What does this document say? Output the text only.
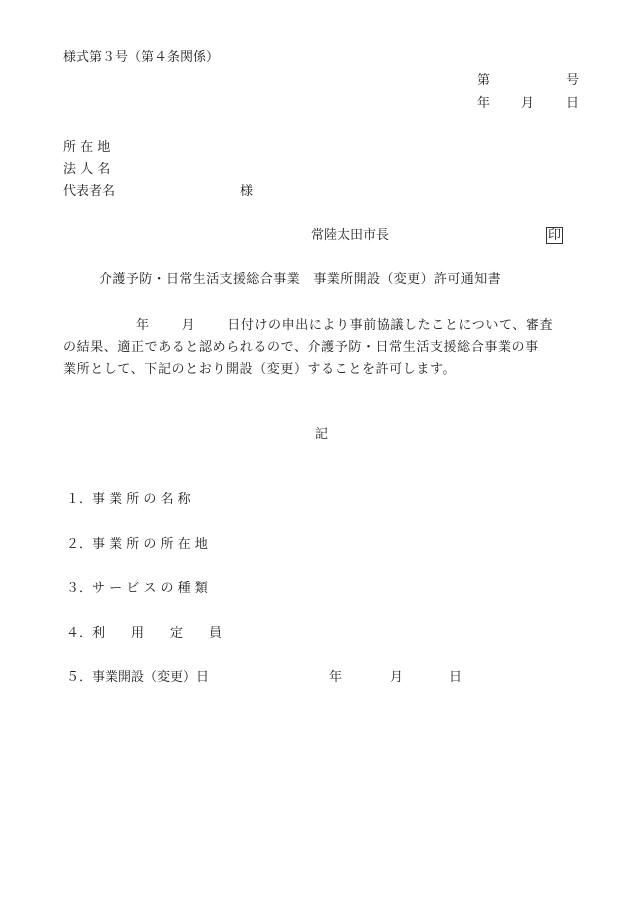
様式第３号（第４条関係）
第	号
年 月 日
所 在 地
法 人 名
代表者名	様
常陸太田市長	印
介護予防・日常生活支援総合事業　事業所開設（変更）許可通知書
年 月 日付けの申出により事前協議したことについて、審査
の結果、適正であると認められるので、介護予防・日常生活支援総合事業の事
業所として、下記のとおり開設（変更）することを許可します。
記
１．事 業 所 の 名 称
２．事 業 所 の 所 在 地
３．サ ー ビ ス の 種 類
４．利　　用　　定　　員
５．事業開設（変更）日	年	月	日
